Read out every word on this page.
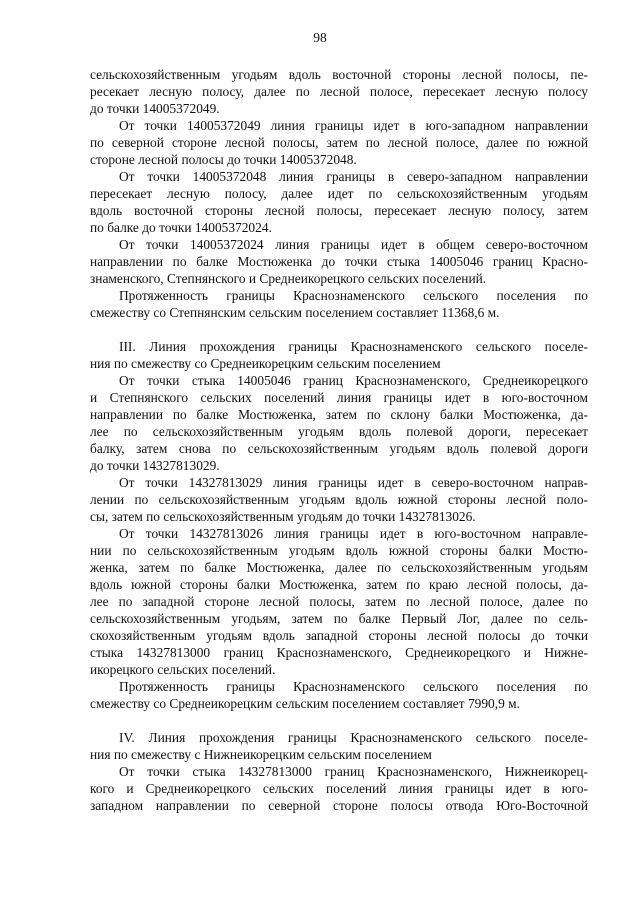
98
сельскохозяйственным угодьям вдоль восточной стороны лесной полосы, пе-
ресекает лесную полосу, далее по лесной полосе, пересекает лесную полосу
до точки 14005372049.
От точки 14005372049 линия границы идет в юго-западном направлении
по северной стороне лесной полосы, затем по лесной полосе, далее по южной
стороне лесной полосы до точки 14005372048.
От точки 14005372048 линия границы в северо-западном направлении
пересекает лесную полосу, далее идет по сельскохозяйственным угодьям
вдоль восточной стороны лесной полосы, пересекает лесную полосу, затем
по балке до точки 14005372024.
От точки 14005372024 линия границы идет в общем северо-восточном
направлении по балке Мостюженка до точки стыка 14005046 границ Красно-
знаменского, Степнянского и Среднеикорецкого сельских поселений.
Протяженность границы Краснознаменского сельского поселения по
смежеству со Степнянским сельским поселением составляет 11368,6 м.
III. Линия прохождения границы Краснознаменского сельского поселе-
ния по смежеству со Среднеикорецким сельским поселением
От точки стыка 14005046 границ Краснознаменского, Среднеикорецкого
и Степнянского сельских поселений линия границы идет в юго-восточном
направлении по балке Мостюженка, затем по склону балки Мостюженка, да-
лее по сельскохозяйственным угодьям вдоль полевой дороги, пересекает
балку, затем снова по сельскохозяйственным угодьям вдоль полевой дороги
до точки 14327813029.
От точки 14327813029 линия границы идет в северо-восточном направ-
лении по сельскохозяйственным угодьям вдоль южной стороны лесной поло-
сы, затем по сельскохозяйственным угодьям до точки 14327813026.
От точки 14327813026 линия границы идет в юго-восточном направле-
нии по сельскохозяйственным угодьям вдоль южной стороны балки Мостю-
женка, затем по балке Мостюженка, далее по сельскохозяйственным угодьям
вдоль южной стороны балки Мостюженка, затем по краю лесной полосы, да-
лее по западной стороне лесной полосы, затем по лесной полосе, далее по
сельскохозяйственным угодьям, затем по балке Первый Лог, далее по сель-
скохозяйственным угодьям вдоль западной стороны лесной полосы до точки
стыка 14327813000 границ Краснознаменского, Среднеикорецкого и Нижне-
икорецкого сельских поселений.
Протяженность границы Краснознаменского сельского поселения по
смежеству со Среднеикорецким сельским поселением составляет 7990,9 м.
IV. Линия прохождения границы Краснознаменского сельского поселе-
ния по смежеству с Нижнеикорецким сельским поселением
От точки стыка 14327813000 границ Краснознаменского, Нижнеикорец-
кого и Среднеикорецкого сельских поселений линия границы идет в юго-
западном направлении по северной стороне полосы отвода Юго-Восточной
